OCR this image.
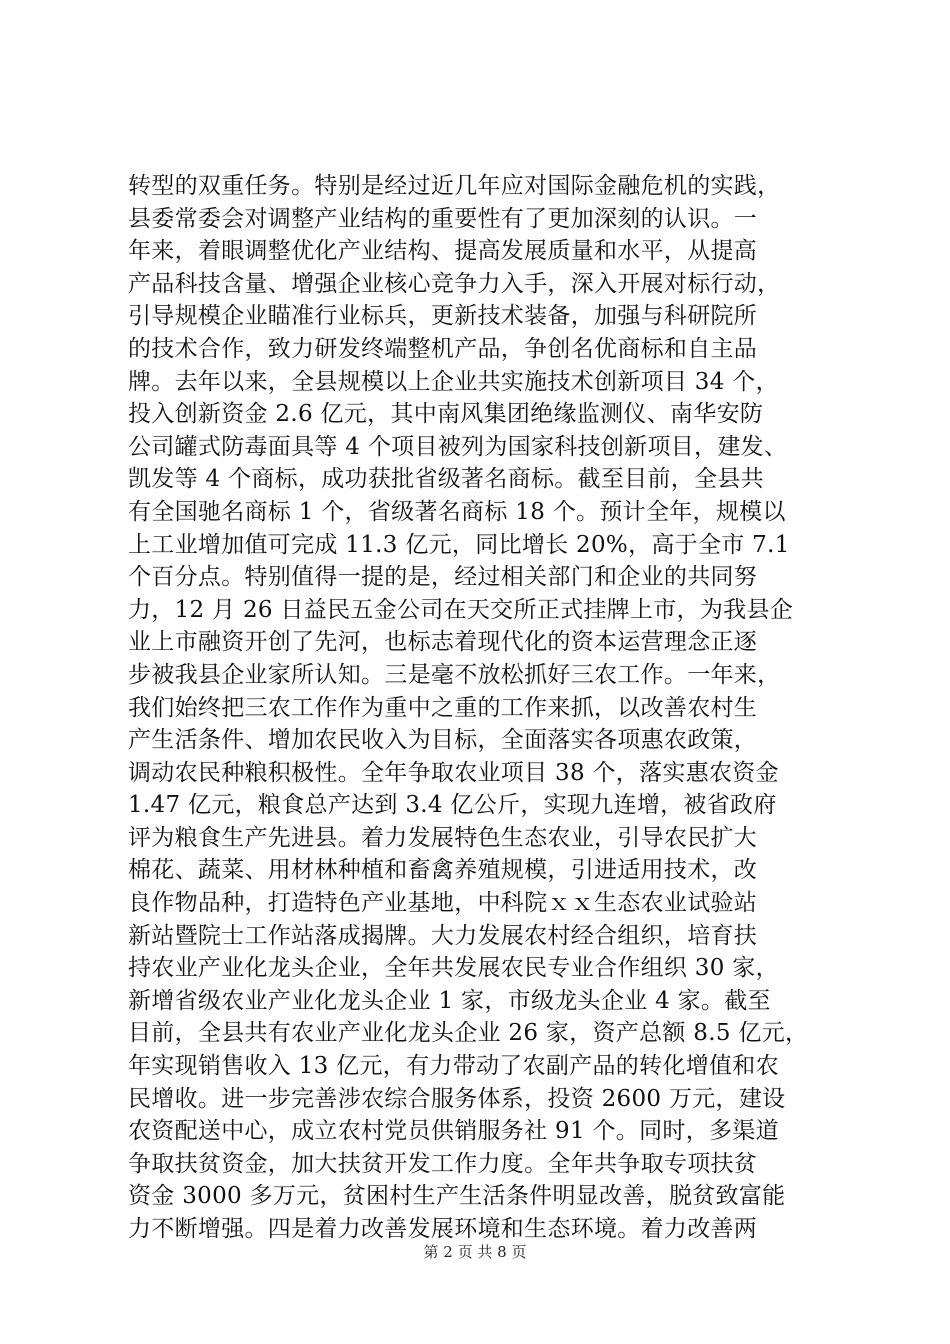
转型的双重任务。特别是经过近几年应对国际金融危机的实践，
县委常委会对调整产业结构的重要性有了更加深刻的认识。一
年来，着眼调整优化产业结构、提高发展质量和水平，从提高
产品科技含量、增强企业核心竞争力入手，深入开展对标行动，
引导规模企业瞄准行业标兵，更新技术装备，加强与科研院所
的技术合作，致力研发终端整机产品，争创名优商标和自主品
牌。去年以来，全县规模以上企业共实施技术创新项目 34 个，
投入创新资金 2.6 亿元，其中南风集团绝缘监测仪、南华安防
公司罐式防毒面具等 4 个项目被列为国家科技创新项目，建发、
凯发等 4 个商标，成功获批省级著名商标。截至目前，全县共
有全国驰名商标 1 个，省级著名商标 18 个。预计全年，规模以
上工业增加值可完成 11.3 亿元，同比增长 20%，高于全市 7.1
个百分点。特别值得一提的是，经过相关部门和企业的共同努
力，12 月 26 日益民五金公司在天交所正式挂牌上市，为我县企
业上市融资开创了先河，也标志着现代化的资本运营理念正逐
步被我县企业家所认知。三是毫不放松抓好三农工作。一年来，
我们始终把三农工作作为重中之重的工作来抓，以改善农村生
产生活条件、增加农民收入为目标，全面落实各项惠农政策，
调动农民种粮积极性。全年争取农业项目 38 个，落实惠农资金
1.47 亿元，粮食总产达到 3.4 亿公斤，实现九连增，被省政府
评为粮食生产先进县。着力发展特色生态农业，引导农民扩大
棉花、蔬菜、用材林种植和畜禽养殖规模，引进适用技术，改
良作物品种，打造特色产业基地，中科院ｘｘ生态农业试验站
新站暨院士工作站落成揭牌。大力发展农村经合组织，培育扶
持农业产业化龙头企业，全年共发展农民专业合作组织 30 家，
新增省级农业产业化龙头企业 1 家，市级龙头企业 4 家。截至
目前，全县共有农业产业化龙头企业 26 家，资产总额 8.5 亿元，
年实现销售收入 13 亿元，有力带动了农副产品的转化增值和农
民增收。进一步完善涉农综合服务体系，投资 2600 万元，建设
农资配送中心，成立农村党员供销服务社 91 个。同时，多渠道
争取扶贫资金，加大扶贫开发工作力度。全年共争取专项扶贫
资金 3000 多万元，贫困村生产生活条件明显改善，脱贫致富能
力不断增强。四是着力改善发展环境和生态环境。着力改善两
第 2 页 共 8 页
